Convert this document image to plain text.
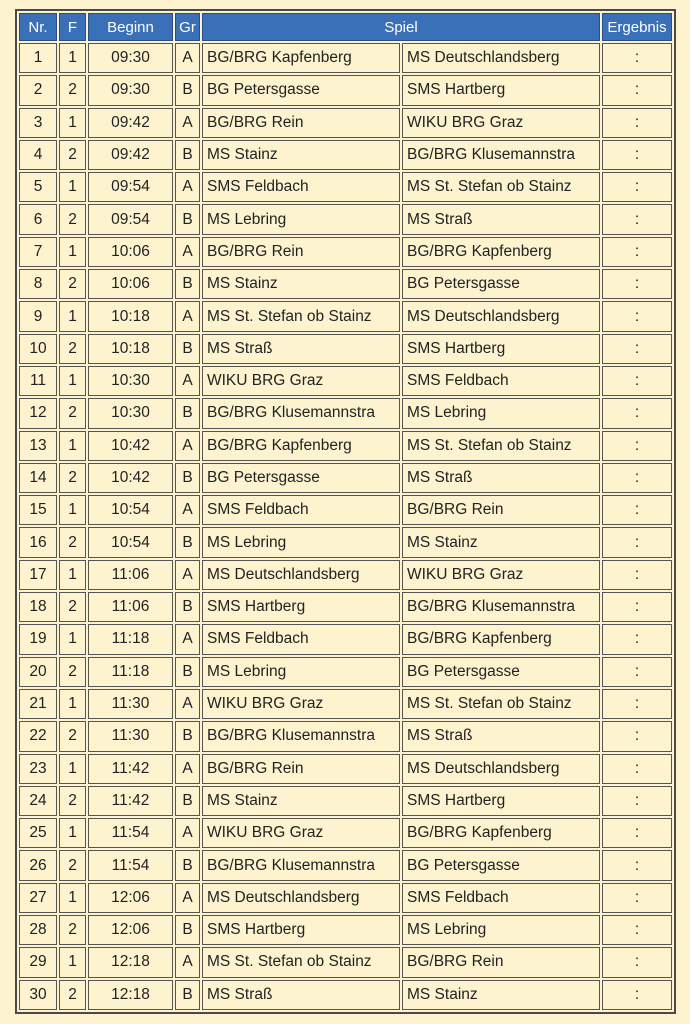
Nr.	F	Beginn	Gr	Spiel		Ergebnis
1	1	09:30	A	BG/BRG Kapfenberg	MS Deutschlandsberg	:
2	2	09:30	B	BG Petersgasse	SMS Hartberg	:
3	1	09:42	A	BG/BRG Rein	WIKU BRG Graz	:
4	2	09:42	B	MS Stainz	BG/BRG Klusemannstra	:
5	1	09:54	A	SMS Feldbach	MS St. Stefan ob Stainz	:
6	2	09:54	B	MS Lebring	MS Straß	:
7	1	10:06	A	BG/BRG Rein	BG/BRG Kapfenberg	:
8	2	10:06	B	MS Stainz	BG Petersgasse	:
9	1	10:18	A	MS St. Stefan ob Stainz	MS Deutschlandsberg	:
10	2	10:18	B	MS Straß	SMS Hartberg	:
11	1	10:30	A	WIKU BRG Graz	SMS Feldbach	:
12	2	10:30	B	BG/BRG Klusemannstra	MS Lebring	:
13	1	10:42	A	BG/BRG Kapfenberg	MS St. Stefan ob Stainz	:
14	2	10:42	B	BG Petersgasse	MS Straß	:
15	1	10:54	A	SMS Feldbach	BG/BRG Rein	:
16	2	10:54	B	MS Lebring	MS Stainz	:
17	1	11:06	A	MS Deutschlandsberg	WIKU BRG Graz	:
18	2	11:06	B	SMS Hartberg	BG/BRG Klusemannstra	:
19	1	11:18	A	SMS Feldbach	BG/BRG Kapfenberg	:
20	2	11:18	B	MS Lebring	BG Petersgasse	:
21	1	11:30	A	WIKU BRG Graz	MS St. Stefan ob Stainz	:
22	2	11:30	B	BG/BRG Klusemannstra	MS Straß	:
23	1	11:42	A	BG/BRG Rein	MS Deutschlandsberg	:
24	2	11:42	B	MS Stainz	SMS Hartberg	:
25	1	11:54	A	WIKU BRG Graz	BG/BRG Kapfenberg	:
26	2	11:54	B	BG/BRG Klusemannstra	BG Petersgasse	:
27	1	12:06	A	MS Deutschlandsberg	SMS Feldbach	:
28	2	12:06	B	SMS Hartberg	MS Lebring	:
29	1	12:18	A	MS St. Stefan ob Stainz	BG/BRG Rein	:
30	2	12:18	B	MS Straß	MS Stainz	:
